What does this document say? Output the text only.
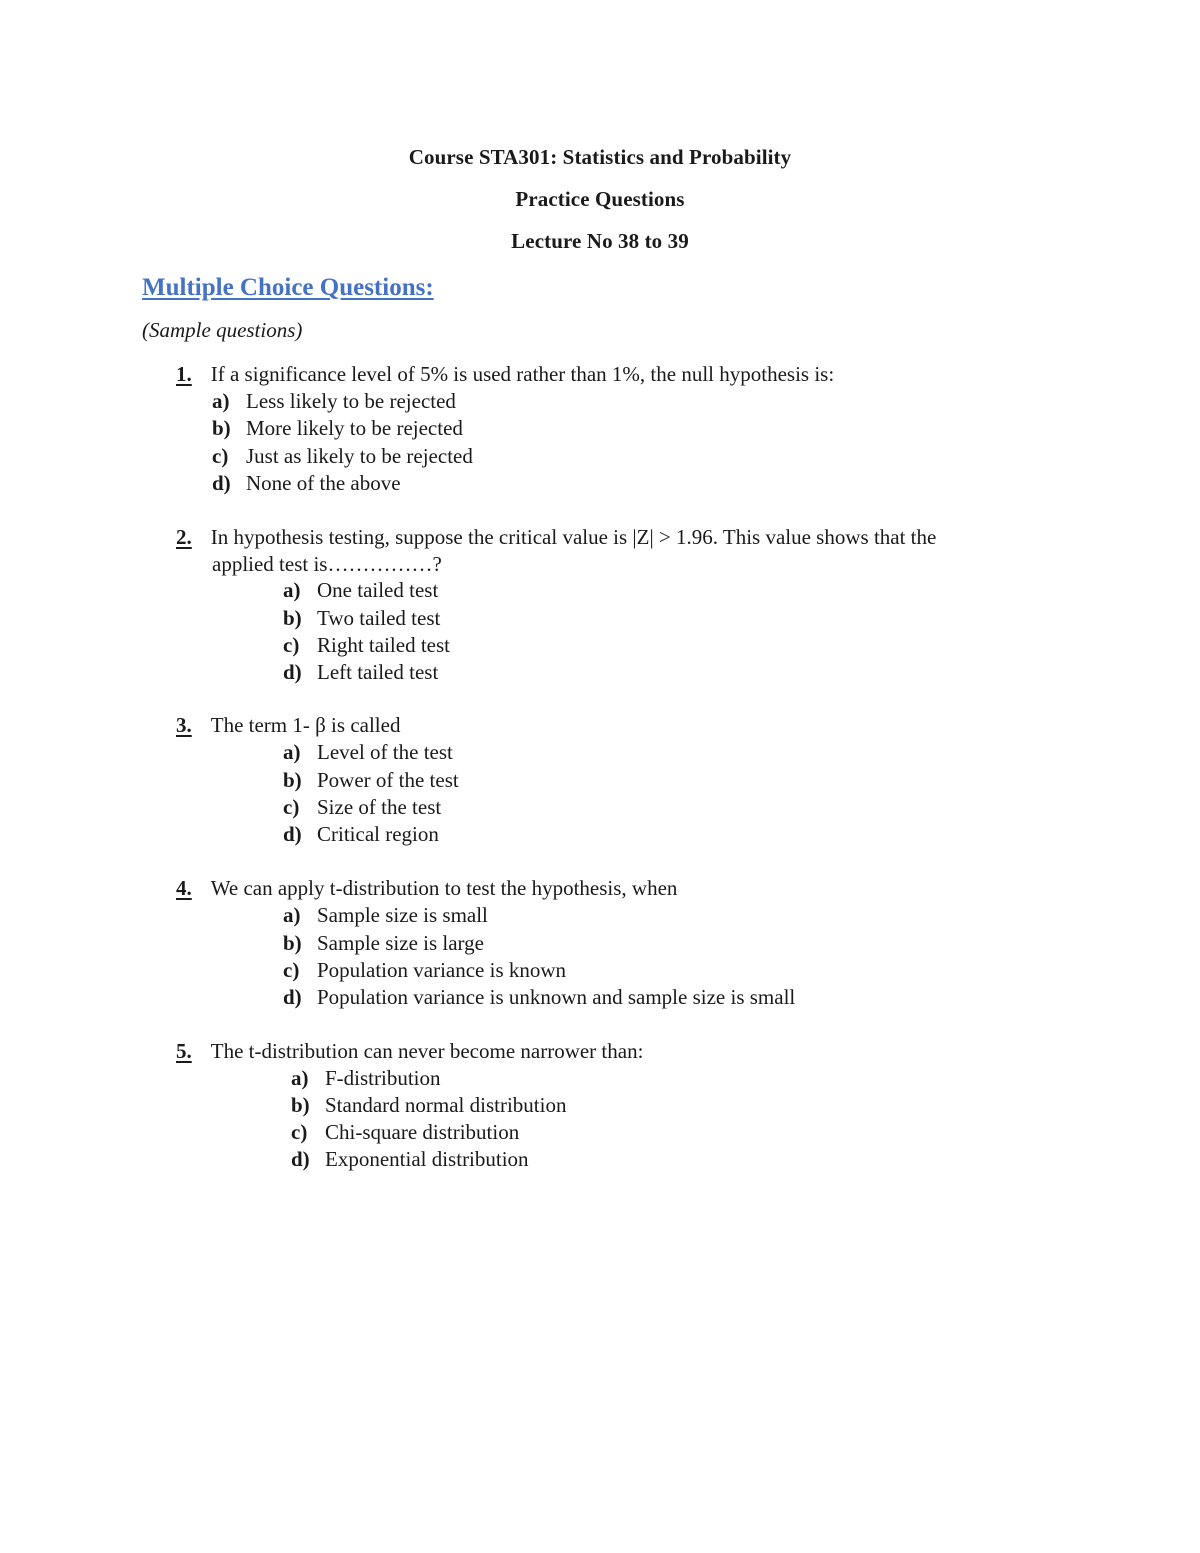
Course STA301: Statistics and Probability
Practice Questions
Lecture No 38 to 39
Multiple Choice Questions:
(Sample questions)
1. If a significance level of 5% is used rather than 1%, the null hypothesis is:
a) Less likely to be rejected
b) More likely to be rejected
c) Just as likely to be rejected
d) None of the above
2. In hypothesis testing, suppose the critical value is |Z| > 1.96. This value shows that the
applied test is……………?
a) One tailed test
b) Two tailed test
c) Right tailed test
d) Left tailed test
3. The term 1- β is called
a) Level of the test
b) Power of the test
c) Size of the test
d) Critical region
4. We can apply t-distribution to test the hypothesis, when
a) Sample size is small
b) Sample size is large
c) Population variance is known
d) Population variance is unknown and sample size is small
5. The t-distribution can never become narrower than:
a) F-distribution
b) Standard normal distribution
c) Chi-square distribution
d) Exponential distribution
